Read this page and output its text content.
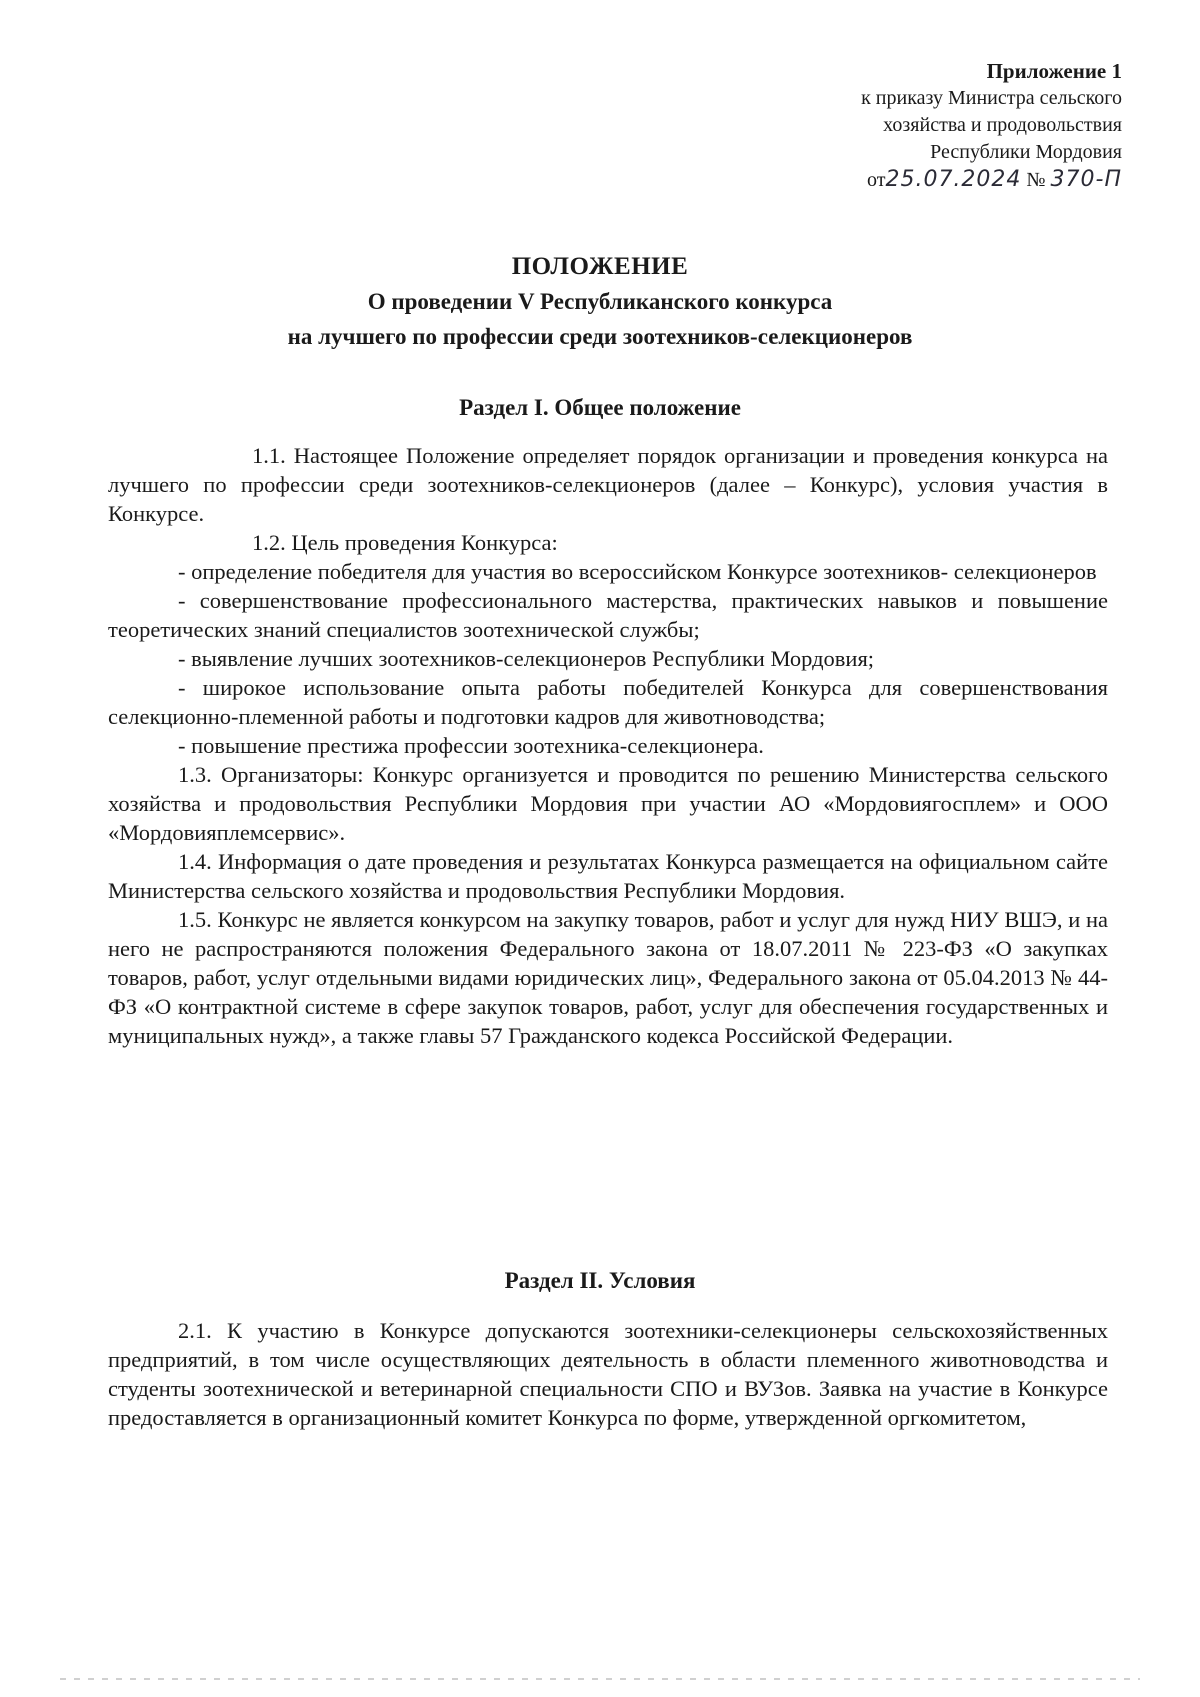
Приложение 1
к приказу Министра сельского
хозяйства и продовольствия
Республики Мордовия
от25.07.2024 № 370-П
ПОЛОЖЕНИЕ
О проведении V Республиканского конкурса
на лучшего по профессии среди зоотехников-селекционеров
Раздел I. Общее положение

1.1. Настоящее Положение определяет порядок организации и проведения конкурса на лучшего по профессии среди зоотехников-селекционеров (далее – Конкурс), условия участия в Конкурсе.

1.2. Цель проведения Конкурса:

- определение победителя для участия во всероссийском Конкурсе зоотехников- селекционеров

- совершенствование профессионального мастерства, практических навыков и повышение теоретических знаний специалистов зоотехнической службы;

- выявление лучших зоотехников-селекционеров Республики Мордовия;

- широкое использование опыта работы победителей Конкурса для совершенствования селекционно-племенной работы и подготовки кадров для животноводства;

- повышение престижа профессии зоотехника-селекционера.

1.3. Организаторы: Конкурс организуется и проводится по решению Министерства сельского хозяйства и продовольствия Республики Мордовия при участии АО «Мордовиягосплем» и ООО «Мордовияплемсервис».

1.4. Информация о дате проведения и результатах Конкурса размещается на официальном сайте Министерства сельского хозяйства и продовольствия Республики Мордовия.

1.5. Конкурс не является конкурсом на закупку товаров, работ и услуг для нужд НИУ ВШЭ, и на него не распространяются положения Федерального закона от 18.07.2011 № 223-ФЗ «О закупках товаров, работ, услуг отдельными видами юридических лиц», Федерального закона от 05.04.2013 № 44-ФЗ «О контрактной системе в сфере закупок товаров, работ, услуг для обеспечения государственных и муниципальных нужд», а также главы 57 Гражданского кодекса Российской Федерации.

Раздел II. Условия

2.1. К участию в Конкурсе допускаются зоотехники-селекционеры сельскохозяйственных предприятий, в том числе осуществляющих деятельность в области племенного животноводства и студенты зоотехнической и ветеринарной специальности СПО и ВУЗов. Заявка на участие в Конкурсе предоставляется в организационный комитет Конкурса по форме, утвержденной оргкомитетом,
